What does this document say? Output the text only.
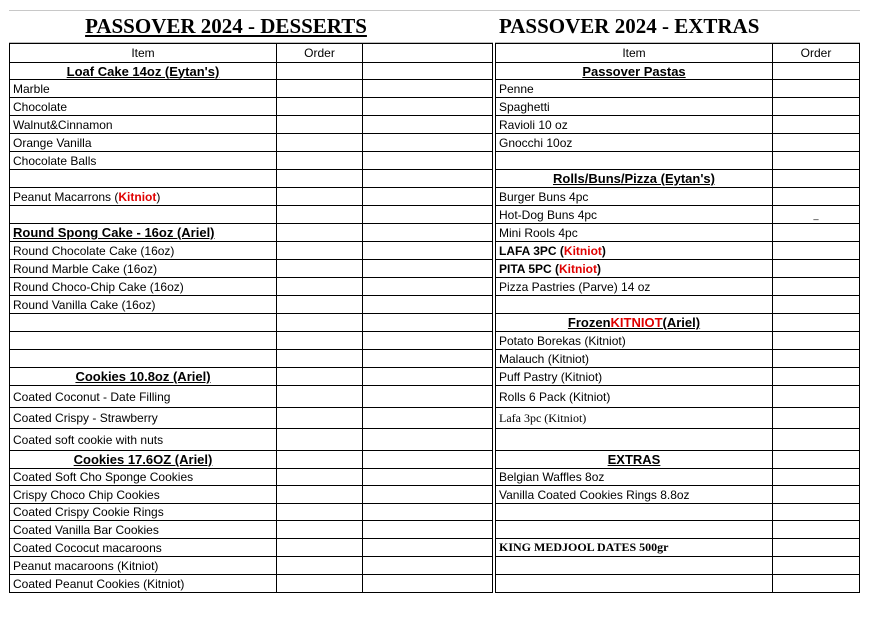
PASSOVER 2024 - DESSERTS
Item	Order
Loaf Cake 14oz (Eytan's)
Marble
Chocolate
Walnut&Cinnamon
Orange Vanilla
Chocolate Balls
Peanut Macarrons ( Kitniot )
Round Spong Cake - 16oz (Ariel)
Round Chocolate Cake (16oz)
Round Marble Cake (16oz)
Round Choco-Chip Cake (16oz)
Round Vanilla Cake (16oz)
Cookies 10.8oz (Ariel)
Coated Coconut - Date Filling
Coated Crispy - Strawberry
Coated soft cookie with nuts
Cookies 17.6OZ (Ariel)
Coated Soft Cho Sponge Cookies
Crispy Choco Chip Cookies
Coated Crispy Cookie Rings
Coated Vanilla Bar Cookies
Coated Cococut macaroons
Peanut macaroons (Kitniot)
Coated Peanut Cookies (Kitniot)
PASSOVER 2024 - EXTRAS
Item	Order
Passover Pastas
Penne
Spaghetti
Ravioli 10 oz
Gnocchi 10oz
Rolls/Buns/Pizza (Eytan's)
Burger Buns 4pc
Hot-Dog Buns 4pc	_
Mini Rools 4pc
LAFA 3PC ( Kitniot )
PITA 5PC ( Kitniot )
Pizza Pastries (Parve) 14 oz
Frozen KITNIOT (Ariel)
Potato Borekas (Kitniot)
Malauch (Kitniot)
Puff Pastry (Kitniot)
Rolls 6 Pack (Kitniot)
Lafa 3pc (Kitniot)
EXTRAS
Belgian Waffles 8oz
Vanilla Coated Cookies Rings 8.8oz
KING MEDJOOL DATES 500gr
